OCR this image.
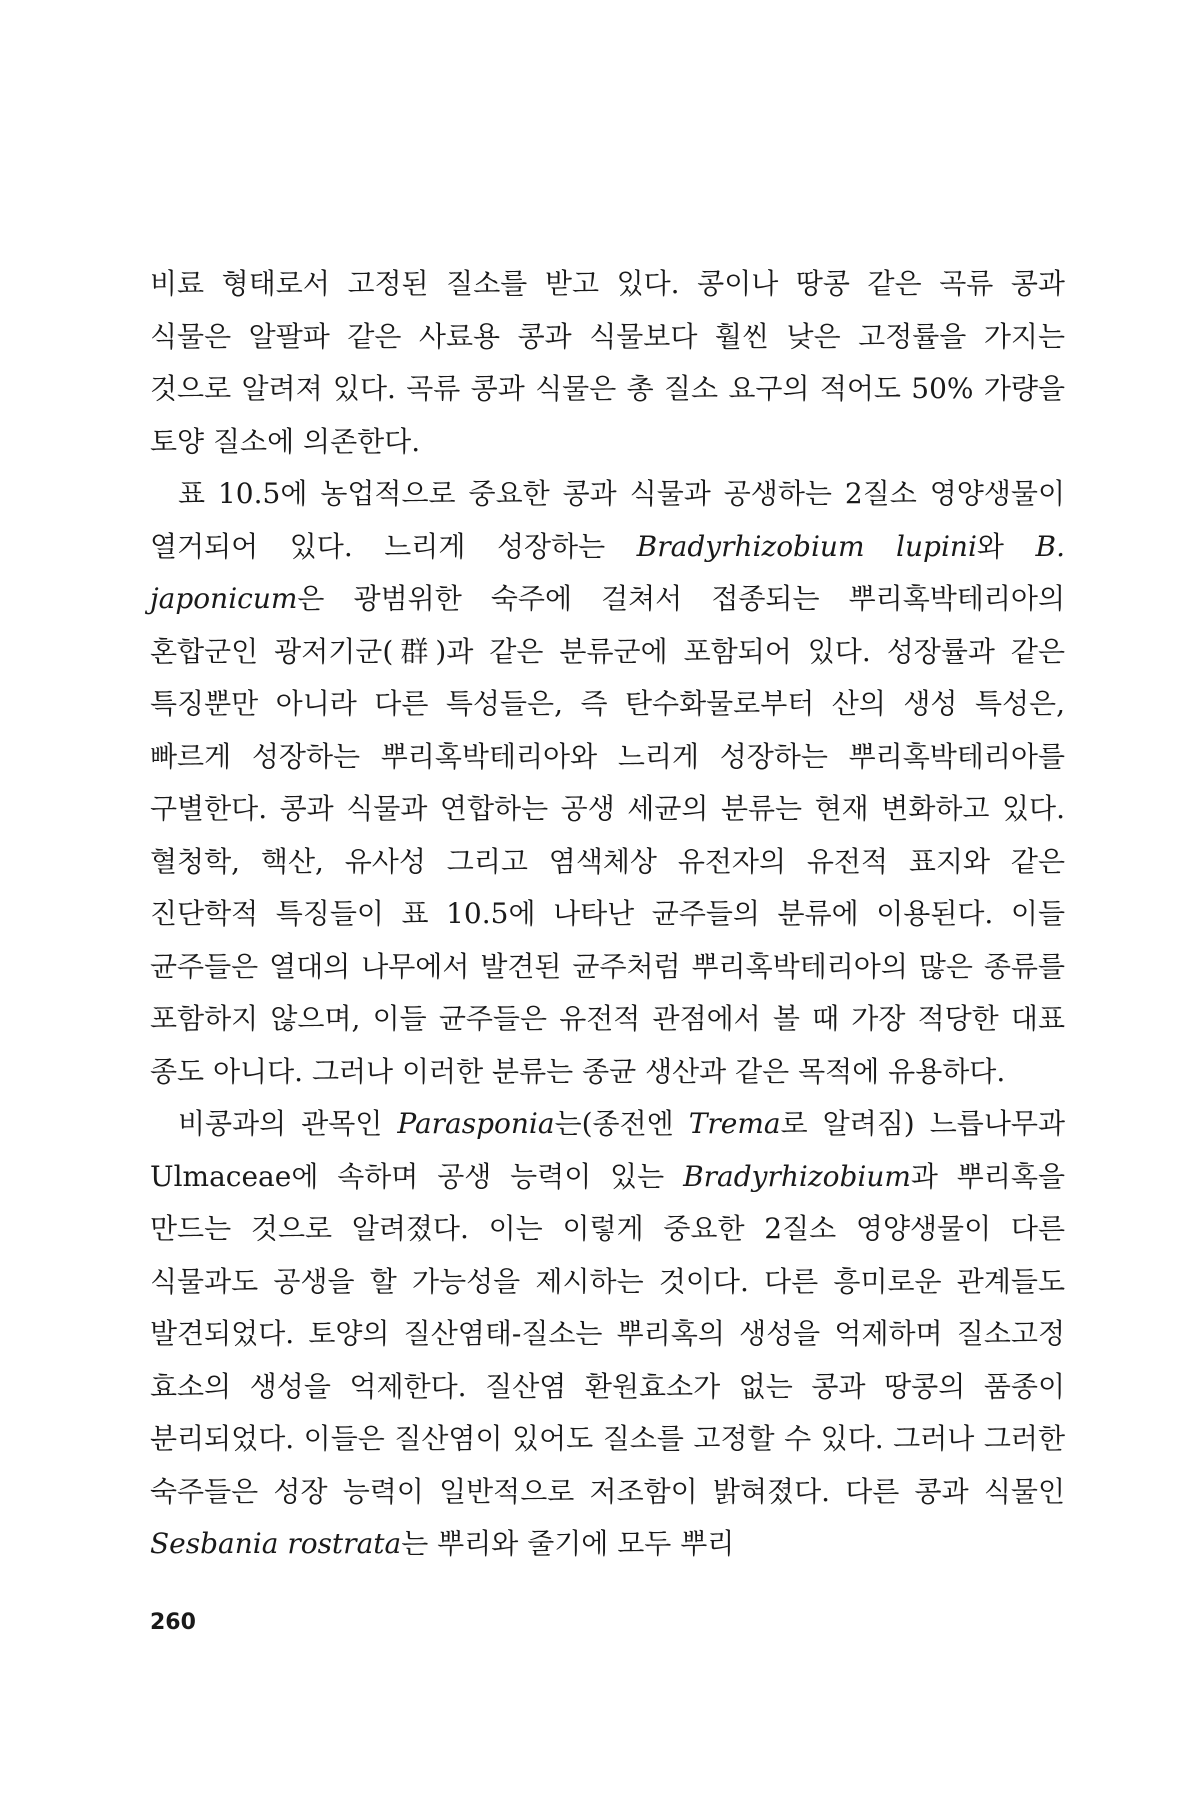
비료 형태로서 고정된 질소를 받고 있다. 콩이나 땅콩 같은 곡류 콩과 식물은 알팔파 같은 사료용 콩과 식물보다 훨씬 낮은 고정률을 가지는 것으로 알려져 있다. 곡류 콩과 식물은 총 질소 요구의 적어도 50% 가량을 토양 질소에 의존한다.

표 10.5에 농업적으로 중요한 콩과 식물과 공생하는 2질소 영양생물이 열거되어 있다. 느리게 성장하는 Bradyrhizobium lupini와 B. japonicum은 광범위한 숙주에 걸쳐서 접종되는 뿌리혹박테리아의 혼합군인 광저기군(群)과 같은 분류군에 포함되어 있다. 성장률과 같은 특징뿐만 아니라 다른 특성들은, 즉 탄수화물로부터 산의 생성 특성은, 빠르게 성장하는 뿌리혹박테리아와 느리게 성장하는 뿌리혹박테리아를 구별한다. 콩과 식물과 연합하는 공생 세균의 분류는 현재 변화하고 있다. 혈청학, 핵산, 유사성 그리고 염색체상 유전자의 유전적 표지와 같은 진단학적 특징들이 표 10.5에 나타난 균주들의 분류에 이용된다. 이들 균주들은 열대의 나무에서 발견된 균주처럼 뿌리혹박테리아의 많은 종류를 포함하지 않으며, 이들 균주들은 유전적 관점에서 볼 때 가장 적당한 대표 종도 아니다. 그러나 이러한 분류는 종균 생산과 같은 목적에 유용하다.

비콩과의 관목인 Parasponia는(종전엔 Trema로 알려짐) 느릅나무과 Ulmaceae에 속하며 공생 능력이 있는 Bradyrhizobium과 뿌리혹을 만드는 것으로 알려졌다. 이는 이렇게 중요한 2질소 영양생물이 다른 식물과도 공생을 할 가능성을 제시하는 것이다. 다른 흥미로운 관계들도 발견되었다. 토양의 질산염태-질소는 뿌리혹의 생성을 억제하며 질소고정 효소의 생성을 억제한다. 질산염 환원효소가 없는 콩과 땅콩의 품종이 분리되었다. 이들은 질산염이 있어도 질소를 고정할 수 있다. 그러나 그러한 숙주들은 성장 능력이 일반적으로 저조함이 밝혀졌다. 다른 콩과 식물인 Sesbania rostrata는 뿌리와 줄기에 모두 뿌리

260
